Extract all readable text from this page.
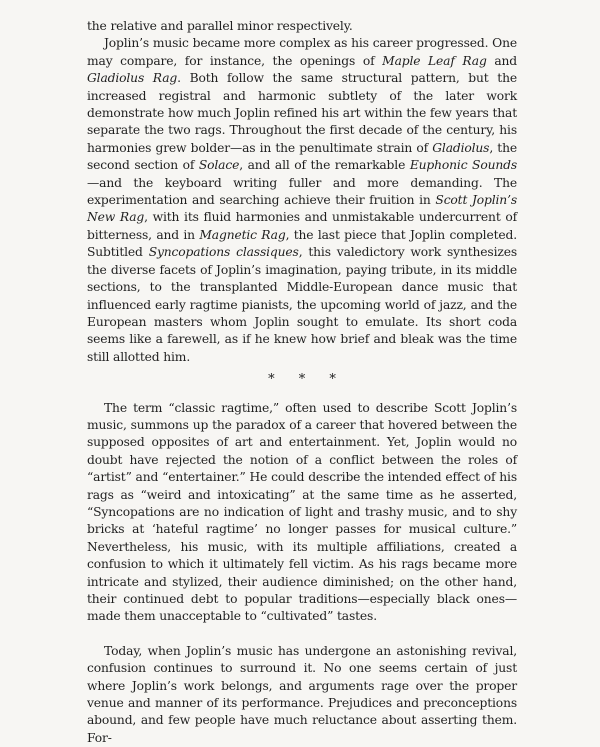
the relative and parallel minor respectively.

Joplin’s music became more complex as his career progressed. One may compare, for instance, the openings of Maple Leaf Rag and Gladiolus Rag. Both follow the same structural pattern, but the increased registral and harmonic subtlety of the later work demonstrate how much Joplin refined his art within the few years that separate the two rags. Throughout the first decade of the century, his harmonies grew bolder—as in the penultimate strain of Gladiolus, the second section of Solace, and all of the remarkable Euphonic Sounds—and the keyboard writing fuller and more demanding. The experimentation and searching achieve their fruition in Scott Joplin’s New Rag, with its fluid harmonies and unmistakable undercurrent of bitterness, and in Magnetic Rag, the last piece that Joplin completed. Subtitled Syncopations classiques, this valedictory work synthesizes the diverse facets of Joplin’s imagination, paying tribute, in its middle sections, to the transplanted Middle-European dance music that influenced early ragtime pianists, the upcoming world of jazz, and the European masters whom Joplin sought to emulate. Its short coda seems like a farewell, as if he knew how brief and bleak was the time still allotted him.

* * *

The term “classic ragtime,” often used to describe Scott Joplin’s music, summons up the paradox of a career that hovered between the supposed opposites of art and entertainment. Yet, Joplin would no doubt have rejected the notion of a conflict between the roles of “artist” and “entertainer.” He could describe the intended effect of his rags as “weird and intoxicating” at the same time as he asserted, “Syncopations are no indication of light and trashy music, and to shy bricks at ‘hateful ragtime’ no longer passes for musical culture.” Nevertheless, his music, with its multiple affiliations, created a confusion to which it ultimately fell victim. As his rags became more intricate and stylized, their audience diminished; on the other hand, their continued debt to popular traditions—especially black ones—made them unacceptable to “cultivated” tastes.

Today, when Joplin’s music has undergone an astonishing revival, confusion continues to surround it. No one seems certain of just where Joplin’s work belongs, and arguments rage over the proper venue and manner of its performance. Prejudices and preconceptions abound, and few people have much reluctance about asserting them. For-
